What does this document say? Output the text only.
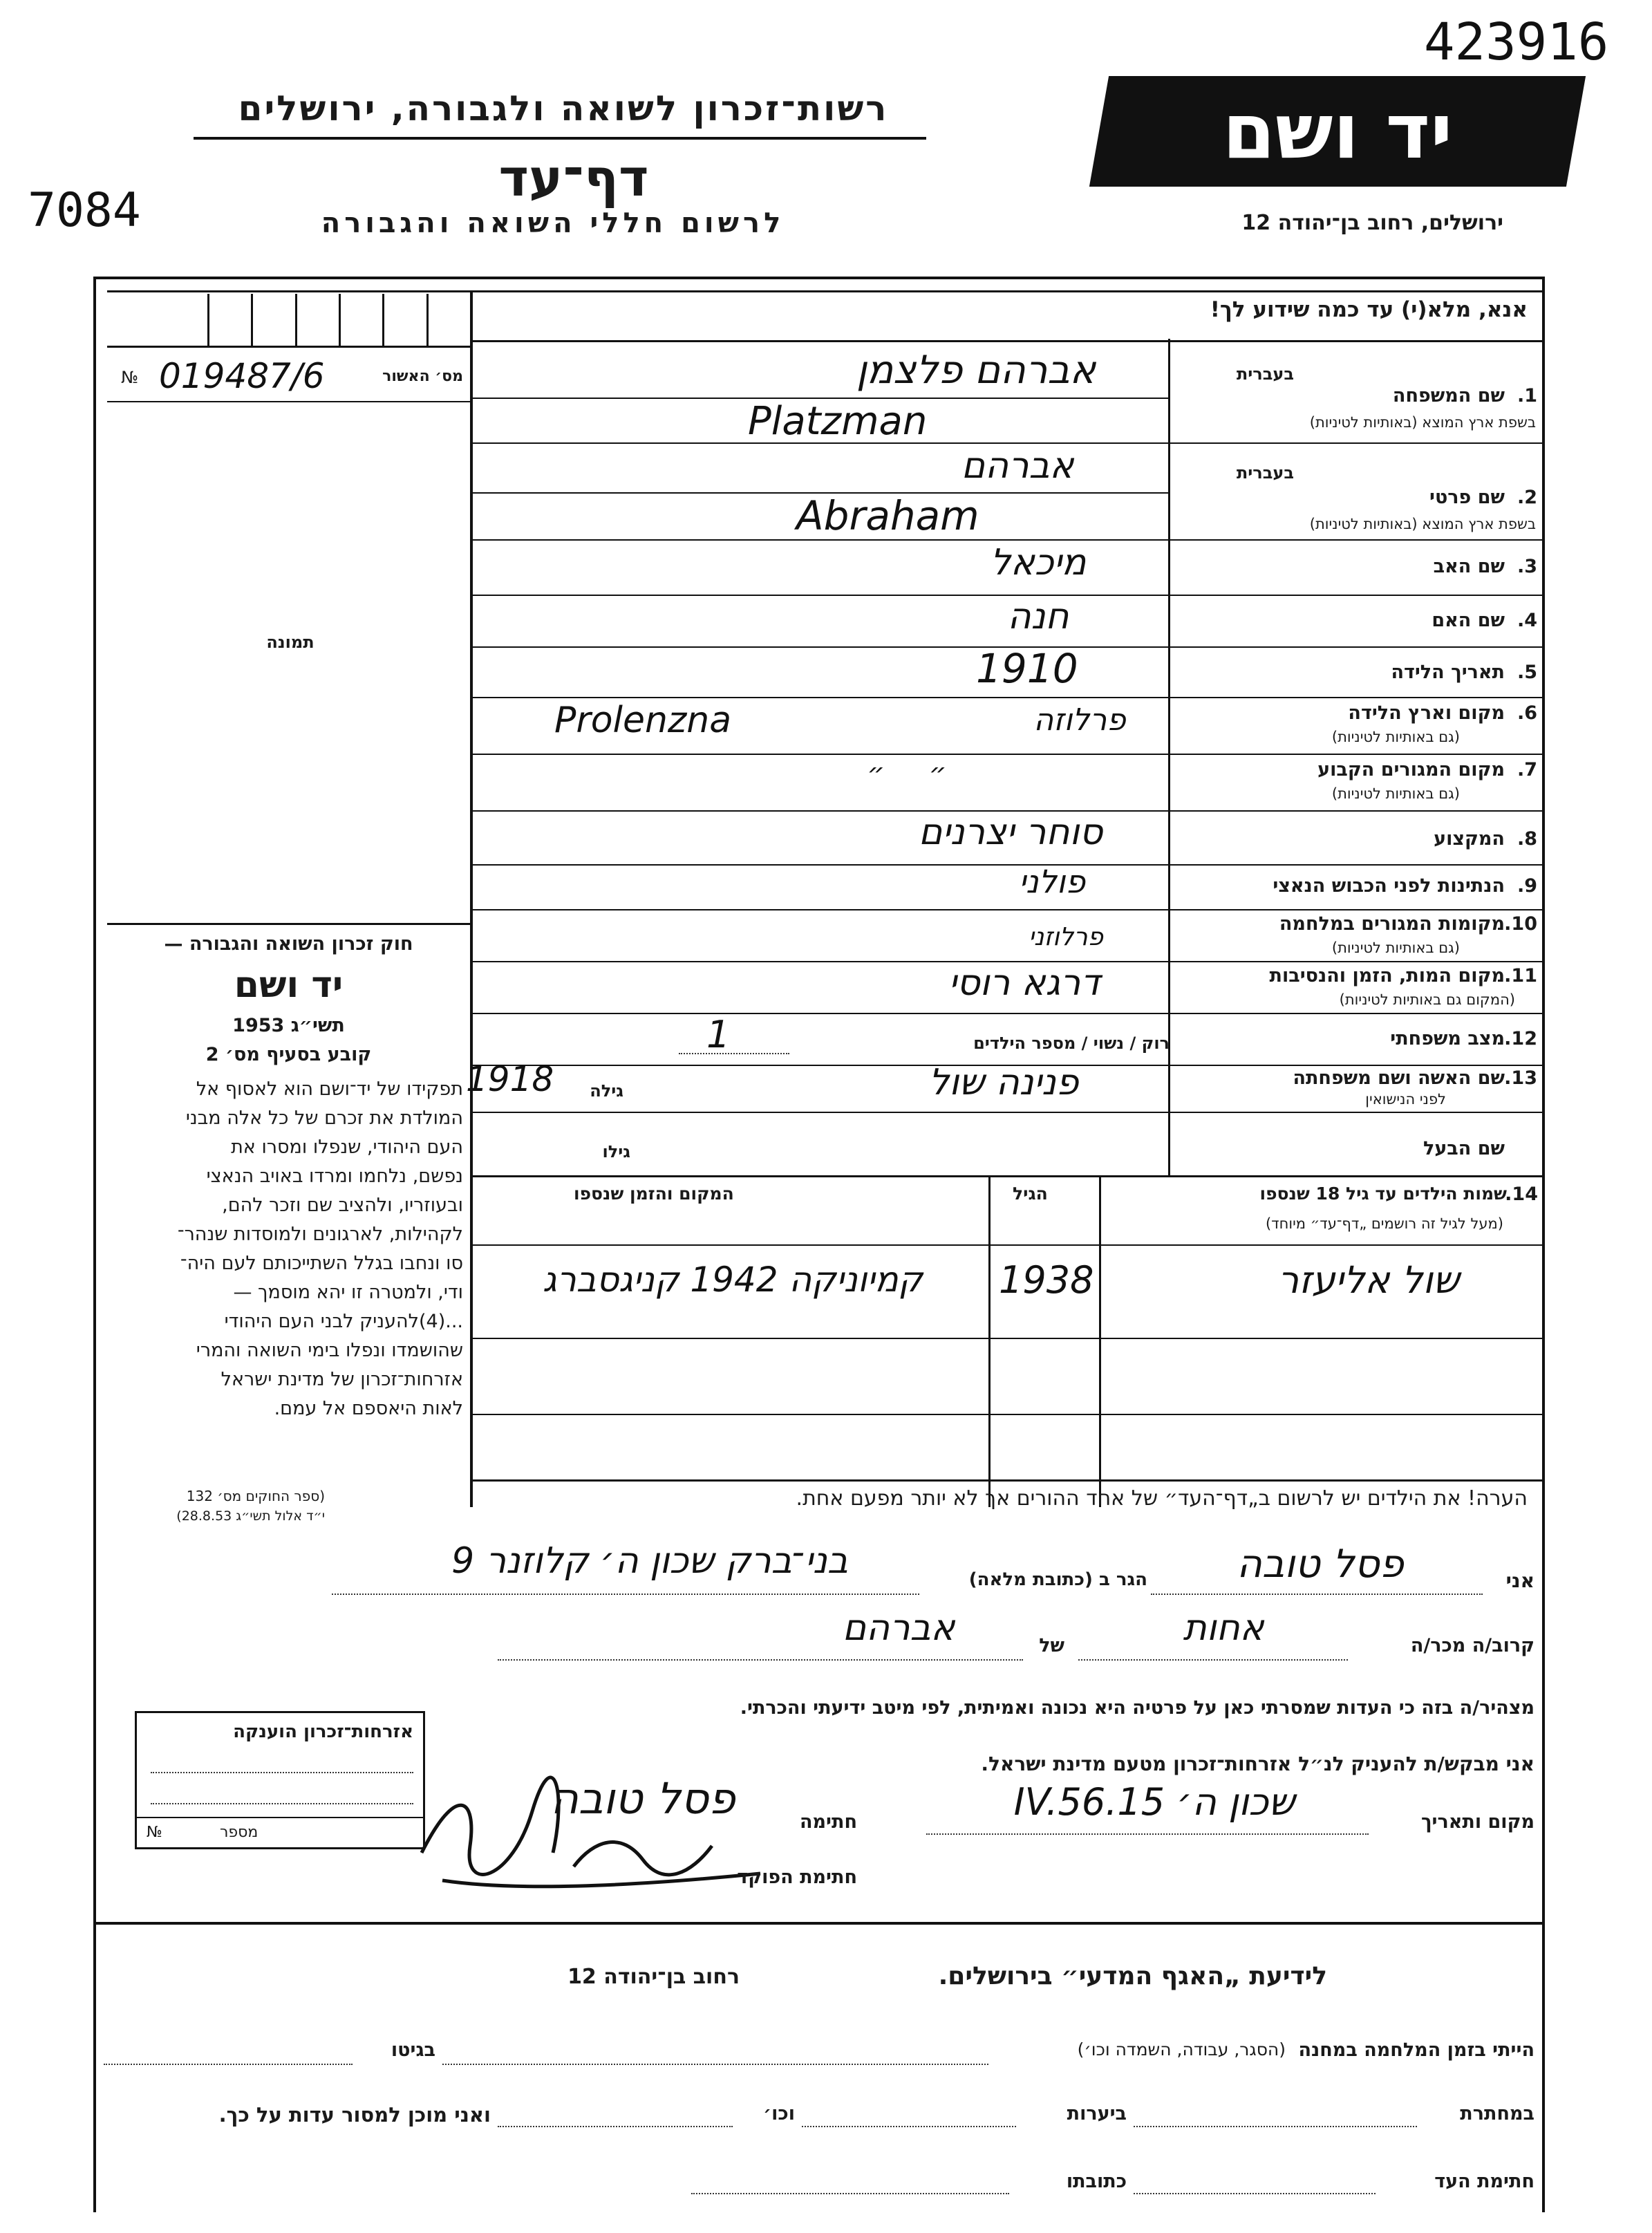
423916
7084
רשות־זכרון לשואה ולגבורה, ירושלים
דף־עד
לרשום חללי השואה והגבורה
יד ושם
ירושלים, רחוב בן־יהודה 12
אנא, מלא(י) עד כמה שידוע לך!
מס׳ האשור
№ 019487/6
תמונה
חוק זכרון השואה והגבורה —
יד ושם
תשי״ג 1953
קובע בסעיף מס׳ 2
תפקידו של יד־ושם הוא לאסוף אל
המולדת את זכרם של כל אלה מבני
העם היהודי, שנפלו ומסרו את
נפשם, נלחמו ומרדו באויב הנאצי
ובעוזריו, ולהציב שם וזכר להם,
לקהילות, לארגונים ולמוסדות שנהר־
סו ונחבו בגלל השתייכותם לעם היה־
ודי, ולמטרה זו יהא מוסמך —
...(4)להעניק לבני העם היהודי
שהושמדו ונפלו בימי השואה והמרי
אזרחות־זכרון של מדינת ישראל
לאות היאספם אל עמם.
(ספר החוקים מס׳ 132
י״ד אלול תשי״ג 28.8.53)
1.
שם המשפחה
בשפת ארץ המוצא (באותיות לטיניות)
בעברית
אברהם פלצמן
Platzman
2.
שם פרטי
בשפת ארץ המוצא (באותיות לטיניות)
בעברית
אברהם
Abraham
3.
שם האב
מיכאל
4.
שם האם
חנה
5.
תאריך הלידה
1910
6.
מקום וארץ הלידה
(גם באותיות לטיניות)
פרלוזה
Prolenzna
7.
מקום המגורים הקבוע
(גם באותיות לטיניות)
״     ״
8.
המקצוע
סוחר יצרנים
9.
הנתינות לפני הכבוש הנאצי
פולני
10.
מקומות המגורים במלחמה
(גם באותיות לטיניות)
פרלוזני
11.
מקום המות, הזמן והנסיבות
(המקום גם באותיות לטיניות)
דרגא רוסי
12.
מצב משפחתי
רוק / נשוי / מספר הילדים
1
13.
שם האשה ושם משפחתה
לפני הנישואין
גילה
1918	פנינה שול
שם הבעל
גילו
14.
שמות הילדים עד גיל 18 שנספו
(מעל לגיל זה רושמים „דף־עד״ מיוחד)
הגיל
המקום והזמן שנספו
שול אליעזר
1938
קמיוניקה 1942 קניגסברג
הערה! את הילדים יש לרשום ב„דף־העד״ של אחד ההורים אך לא יותר מפעם אחת.
אני
פסל טובה
הגר ב (כתובת מלאה)
בני־ברק שכון ה׳ קלוזנר 9
קרוב/ה מכר/ה
אחות
של
אברהם
מצהיר/ה בזה כי העדות שמסרתי כאן על פרטיה היא נכונה ואמיתית, לפי מיטב ידיעתי והכרתי.
אני מבקש/ת להעניק לנ״ל אזרחות־זכרון מטעם מדינת ישראל.
מקום ותאריך
שכון ה׳ 15.IV.56
חתימה
פסל טובה
חתימת הפוקד
אזרחות־זכרון הוענקה
מספר
№
לידיעת „האגף המדעי״ בירושלים.
רחוב בן־יהודה 12
הייתי בזמן המלחמה במחנה
(הסגר, עבודה, השמדה וכו׳)
בגיטו
במחתרת
ביערות
וכו׳
ואני מוכן למסור עדות על כך.
חתימת העד
כתובתו
